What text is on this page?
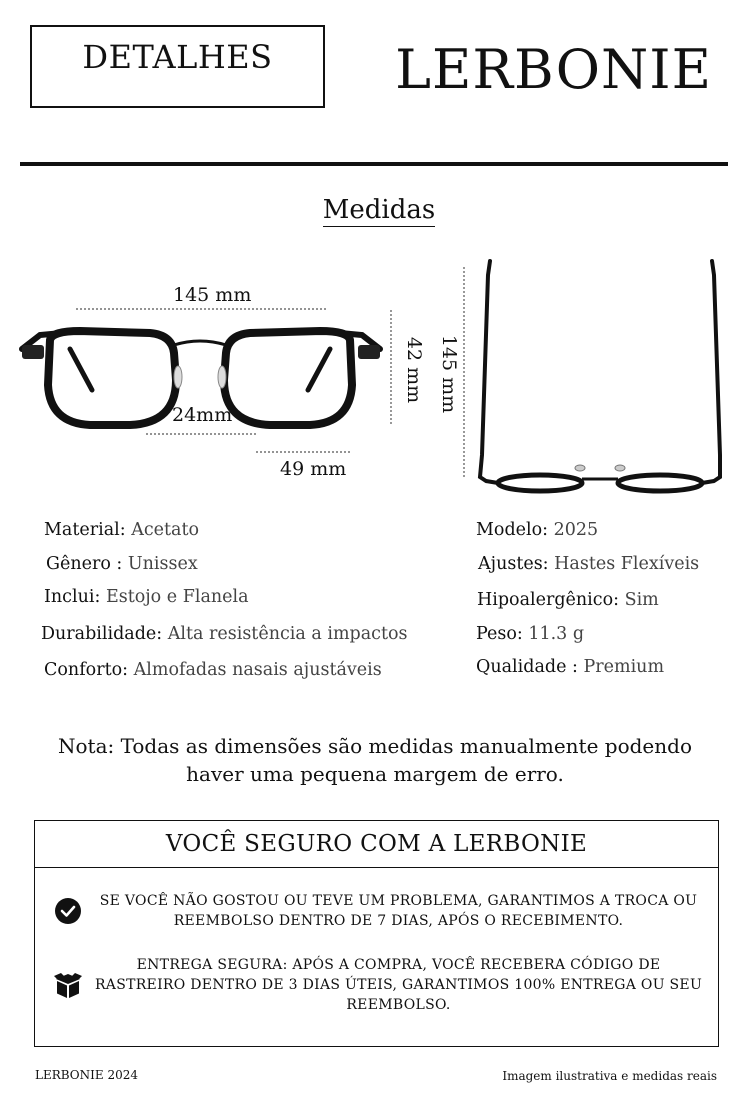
DETALHES LERBONIE
Medidas
145 mm
24mm
49 mm
42 mm 145 mm
Material: Acetato
Gênero : Unissex
Inclui: Estojo e Flanela
Durabilidade: Alta resistência a impactos
Conforto: Almofadas nasais ajustáveis
Modelo: 2025
Ajustes: Hastes Flexíveis
Hipoalergênico: Sim
Peso: 11.3 g
Qualidade : Premium
Nota: Todas as dimensões são medidas manualmente podendo haver uma pequena margem de erro.
VOCÊ SEGURO COM A LERBONIE
SE VOCÊ NÃO GOSTOU OU TEVE UM PROBLEMA, GARANTIMOS A TROCA OU REEMBOLSO DENTRO DE 7 DIAS, APÓS O RECEBIMENTO.
ENTREGA SEGURA: APÓS A COMPRA, VOCÊ RECEBERA CÓDIGO DE RASTREIRO DENTRO DE 3 DIAS ÚTEIS, GARANTIMOS 100% ENTREGA OU SEU REEMBOLSO.
LERBONIE 2024	Imagem ilustrativa e medidas reais
